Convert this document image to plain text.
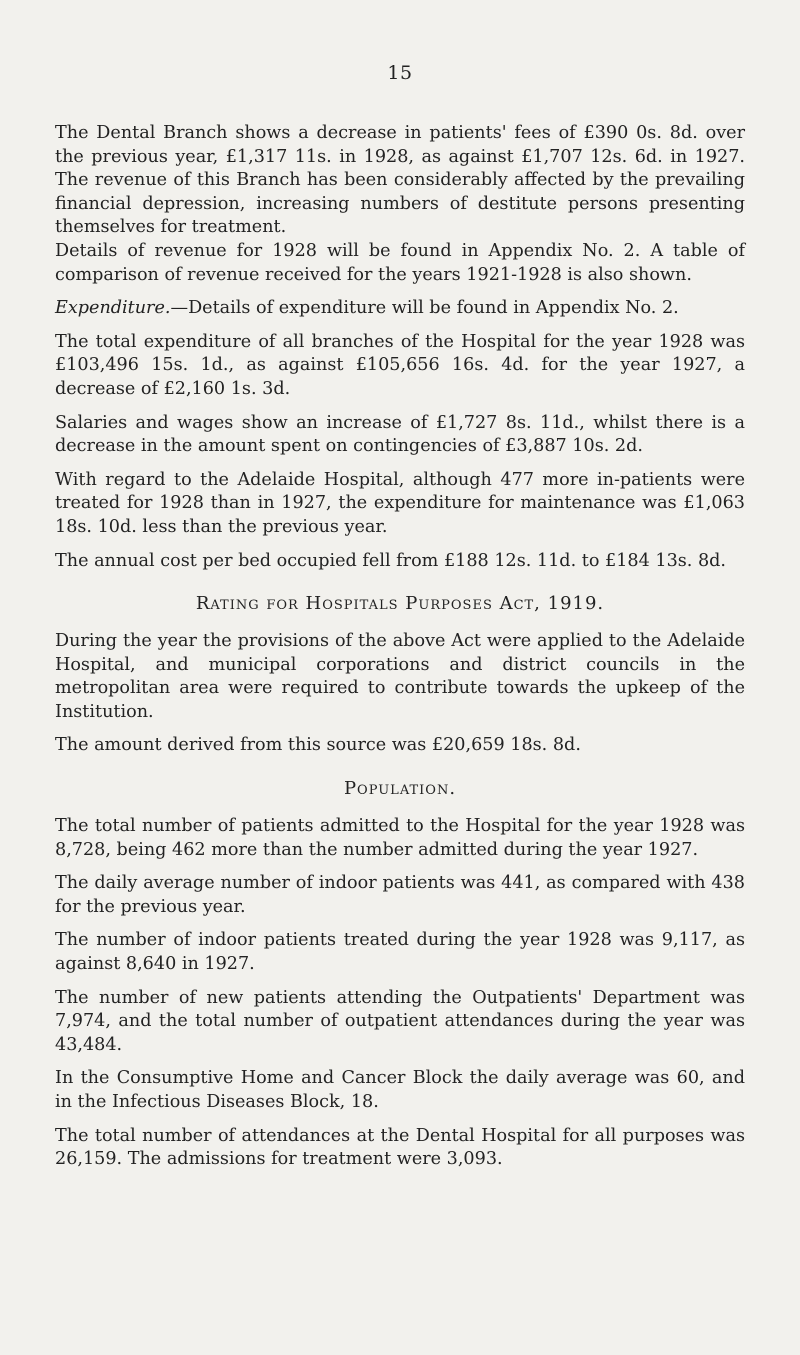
15

The Dental Branch shows a decrease in patients' fees of £390 0s. 8d. over the previous year, £1,317 11s. in 1928, as against £1,707 12s. 6d. in 1927. The revenue of this Branch has been considerably affected by the prevailing financial depression, increasing numbers of destitute persons presenting themselves for treatment.

Details of revenue for 1928 will be found in Appendix No. 2. A table of comparison of revenue received for the years 1921-1928 is also shown.

Expenditure.—Details of expenditure will be found in Appendix No. 2.

The total expenditure of all branches of the Hospital for the year 1928 was £103,496 15s. 1d., as against £105,656 16s. 4d. for the year 1927, a decrease of £2,160 1s. 3d.

Salaries and wages show an increase of £1,727 8s. 11d., whilst there is a decrease in the amount spent on contingencies of £3,887 10s. 2d.

With regard to the Adelaide Hospital, although 477 more in-patients were treated for 1928 than in 1927, the expenditure for maintenance was £1,063 18s. 10d. less than the previous year.

The annual cost per bed occupied fell from £188 12s. 11d. to £184 13s. 8d.

Rating for Hospitals Purposes Act, 1919.

During the year the provisions of the above Act were applied to the Adelaide Hospital, and municipal corporations and district councils in the metropolitan area were required to contribute towards the upkeep of the Institution.

The amount derived from this source was £20,659 18s. 8d.

Population.

The total number of patients admitted to the Hospital for the year 1928 was 8,728, being 462 more than the number admitted during the year 1927.

The daily average number of indoor patients was 441, as compared with 438 for the previous year.

The number of indoor patients treated during the year 1928 was 9,117, as against 8,640 in 1927.

The number of new patients attending the Outpatients' Department was 7,974, and the total number of outpatient attendances during the year was 43,484.

In the Consumptive Home and Cancer Block the daily average was 60, and in the Infectious Diseases Block, 18.

The total number of attendances at the Dental Hospital for all purposes was 26,159. The admissions for treatment were 3,093.
